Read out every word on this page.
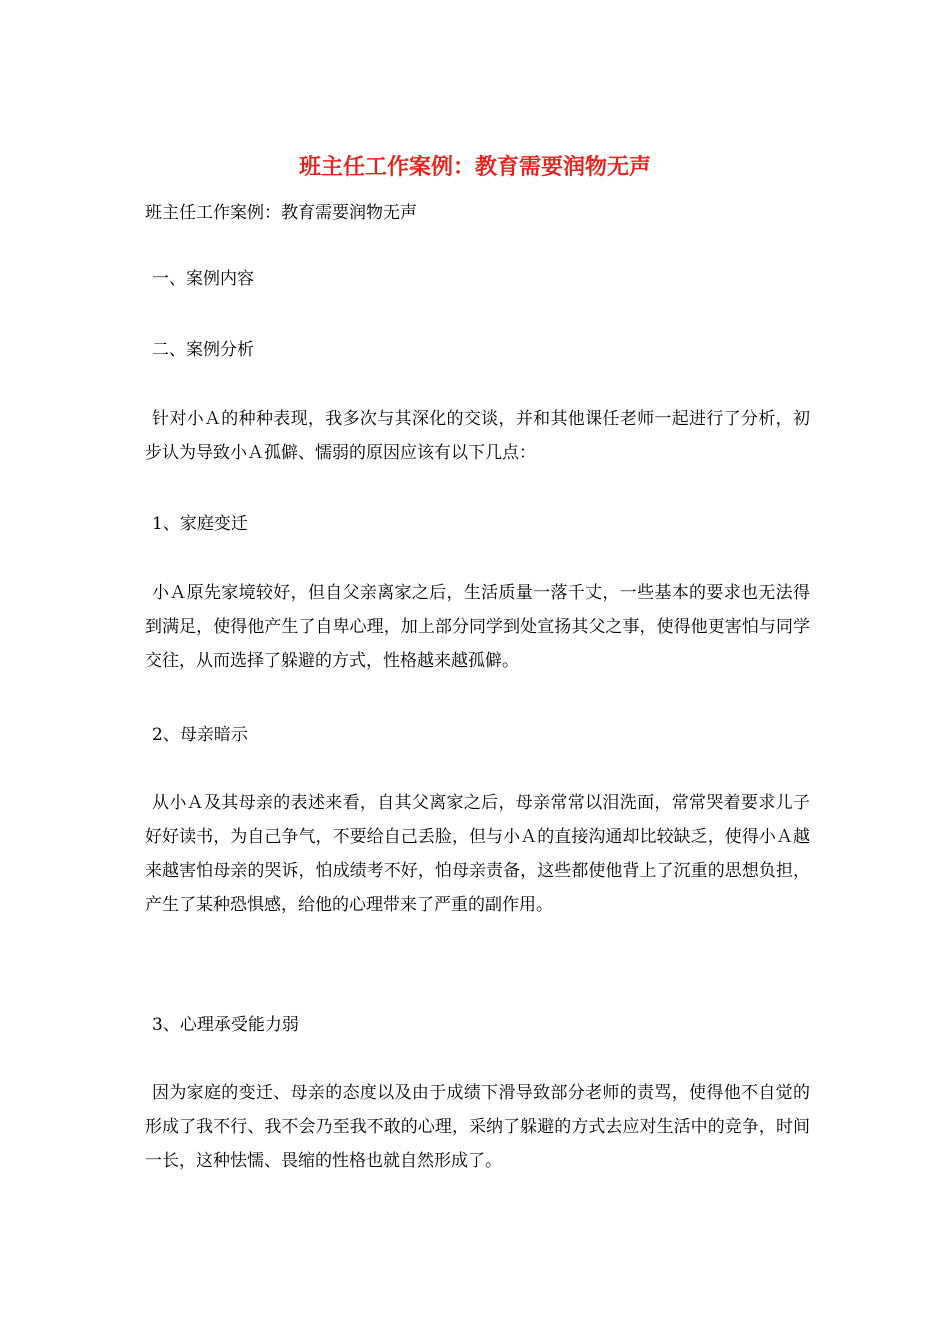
班主任工作案例：教育需要润物无声

班主任工作案例：教育需要润物无声

一、案例内容

二、案例分析

针对小Ａ的种种表现，我多次与其深化的交谈，并和其他课任老师一起进行了分析，初步认为导致小Ａ孤僻、懦弱的原因应该有以下几点：

1、家庭变迁

小Ａ原先家境较好，但自父亲离家之后，生活质量一落千丈，一些基本的要求也无法得到满足，使得他产生了自卑心理，加上部分同学到处宣扬其父之事，使得他更害怕与同学交往，从而选择了躲避的方式，性格越来越孤僻。

2、母亲暗示

从小Ａ及其母亲的表述来看，自其父离家之后，母亲常常以泪洗面，常常哭着要求儿子好好读书，为自己争气，不要给自己丢脸，但与小Ａ的直接沟通却比较缺乏，使得小Ａ越来越害怕母亲的哭诉，怕成绩考不好，怕母亲责备，这些都使他背上了沉重的思想负担，产生了某种恐惧感，给他的心理带来了严重的副作用。

3、心理承受能力弱

因为家庭的变迁、母亲的态度以及由于成绩下滑导致部分老师的责骂，使得他不自觉的形成了我不行、我不会乃至我不敢的心理，采纳了躲避的方式去应对生活中的竞争，时间一长，这种怯懦、畏缩的性格也就自然形成了。
